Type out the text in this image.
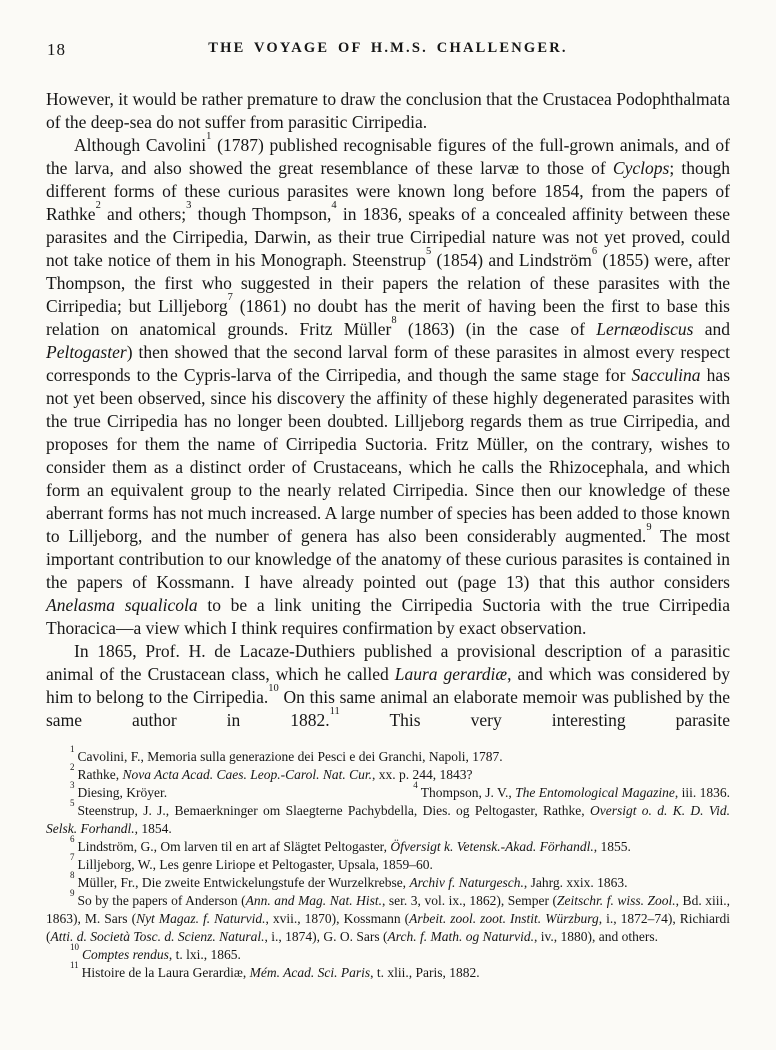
18	THE VOYAGE OF H.M.S. CHALLENGER.

However, it would be rather premature to draw the conclusion that the Crustacea Podophthalmata of the deep-sea do not suffer from parasitic Cirripedia.

Although Cavolini$^1$ (1787) published recognisable figures of the full-grown animals, and of the larva, and also showed the great resemblance of these larvæ to those of Cyclops; though different forms of these curious parasites were known long before 1854, from the papers of Rathke$^2$ and others;$^3$ though Thompson,$^4$ in 1836, speaks of a concealed affinity between these parasites and the Cirripedia, Darwin, as their true Cirripedial nature was not yet proved, could not take notice of them in his Monograph. Steenstrup$^5$ (1854) and Lindström$^6$ (1855) were, after Thompson, the first who suggested in their papers the relation of these parasites with the Cirripedia; but Lilljeborg$^7$ (1861) no doubt has the merit of having been the first to base this relation on anatomical grounds. Fritz Müller$^8$ (1863) (in the case of Lernæodiscus and Peltogaster) then showed that the second larval form of these parasites in almost every respect corresponds to the Cypris-larva of the Cirripedia, and though the same stage for Sacculina has not yet been observed, since his discovery the affinity of these highly degenerated parasites with the true Cirripedia has no longer been doubted. Lilljeborg regards them as true Cirripedia, and proposes for them the name of Cirripedia Suctoria. Fritz Müller, on the contrary, wishes to consider them as a distinct order of Crustaceans, which he calls the Rhizocephala, and which form an equivalent group to the nearly related Cirripedia. Since then our knowledge of these aberrant forms has not much increased. A large number of species has been added to those known to Lilljeborg, and the number of genera has also been considerably augmented.$^9$ The most important contribution to our knowledge of the anatomy of these curious parasites is contained in the papers of Kossmann. I have already pointed out (page 13) that this author considers Anelasma squalicola to be a link uniting the Cirripedia Suctoria with the true Cirripedia Thoracica—a view which I think requires confirmation by exact observation.

In 1865, Prof. H. de Lacaze-Duthiers published a provisional description of a parasitic animal of the Crustacean class, which he called Laura gerardiæ, and which was considered by him to belong to the Cirripedia.$^{10}$ On this same animal an elaborate memoir was published by the same author in 1882.11 This very interesting parasite

$^1$Cavolini, F., Memoria sulla generazione dei Pesci e dei Granchi, Napoli, 1787.
$^2$Rathke, Nova Acta Acad. Caes. Leop.-Carol. Nat. Cur., xx. p. 244, 1843?
$^3$Diesing, Kröyer.
$^4$Thompson, J. V., The Entomological Magazine, iii. 1836.
$^5$Steenstrup, J. J., Bemaerkninger om Slaegterne Pachybdella, Dies. og Peltogaster, Rathke, Oversigt o. d. K. D. Vid. Selsk. Forhandl., 1854.
$^6$Lindström, G., Om larven til en art af Slägtet Peltogaster, Öfversigt k. Vetensk.-Akad. Förhandl., 1855.
$^7$Lilljeborg, W., Les genre Liriope et Peltogaster, Upsala, 1859–60.
$^8$Müller, Fr., Die zweite Entwickelungstufe der Wurzelkrebse, Archiv f. Naturgesch., Jahrg. xxix. 1863.
$^9$So by the papers of Anderson (Ann. and Mag. Nat. Hist., ser. 3, vol. ix., 1862), Semper (Zeitschr. f. wiss. Zool., Bd. xiii., 1863), M. Sars (Nyt Magaz. f. Naturvid., xvii., 1870), Kossmann (Arbeit. zool. zoot. Instit. Würzburg, i., 1872–74), Richiardi (Atti. d. Società Tosc. d. Scienz. Natural., i., 1874), G. O. Sars (Arch. f. Math. og Naturvid., iv., 1880), and others.
$^{10}$Comptes rendus, t. lxi., 1865.
$^{11}$Histoire de la Laura Gerardiæ, Mém. Acad. Sci. Paris, t. xlii., Paris, 1882.
